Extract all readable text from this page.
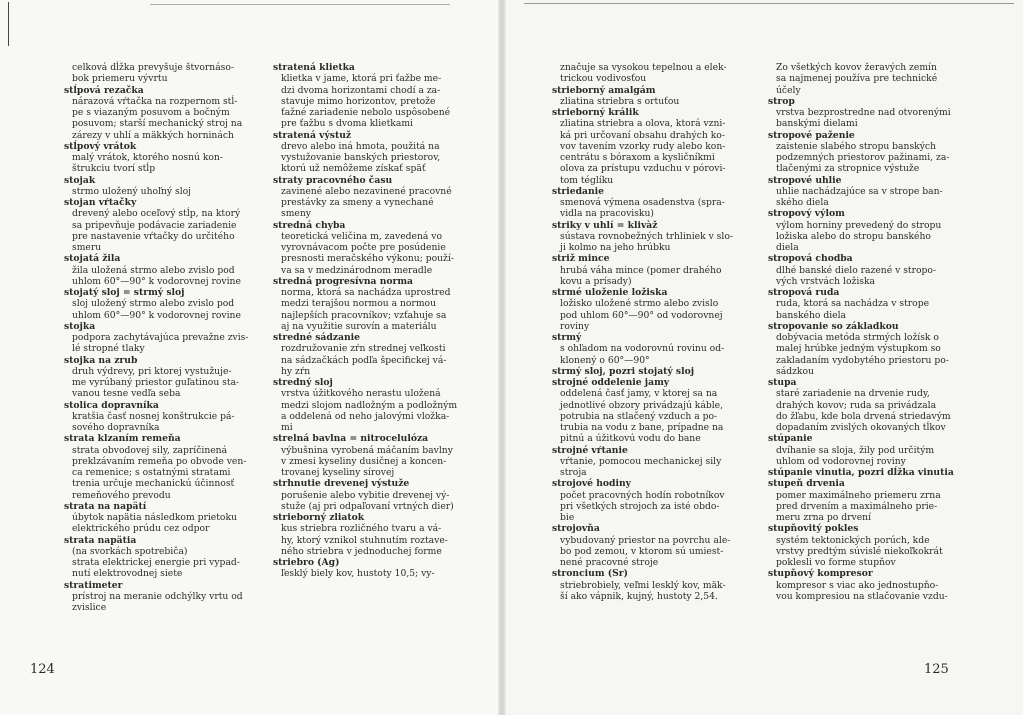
celková dĺžka prevyšuje štvornáso-

bok priemeru vývrtu

stĺpová rezačka

nárazová vŕtačka na rozpernom stĺ-

pe s viazaným posuvom a bočným

posuvom; starší mechanický stroj na

zárezy v uhlí a mäkkých horninách

stĺpový vrátok

malý vrátok, ktorého nosnú kon-

štrukciu tvorí stĺp

stojak

strmo uložený uhoľný sloj

stojan vŕtačky

drevený alebo oceľový stĺp, na ktorý

sa pripevňuje podávacie zariadenie

pre nastavenie vŕtačky do určitého

smeru

stojatá žila

žila uložená strmo alebo zvislo pod

uhlom 60°—90° k vodorovnej rovine

stojatý sloj = strmý sloj

sloj uložený strmo alebo zvislo pod

uhlom 60°—90° k vodorovnej rovine

stojka

podpora zachytávajúca prevažne zvis-

lé stropné tlaky

stojka na zrub

druh výdrevy, pri ktorej vystužuje-

me vyrúbaný priestor guľatinou sta-

vanou tesne vedľa seba

stolica dopravníka

kratšia časť nosnej konštrukcie pá-

sového dopravníka

strata klzaním remeňa

strata obvodovej sily, zapríčinená

preklzávaním remeňa po obvode ven-

ca remenice; s ostatnými stratami

trenia určuje mechanickú účinnosť

remeňového prevodu

strata na napätí

úbytok napätia následkom prietoku

elektrického prúdu cez odpor

strata napätia

(na svorkách spotrebiča)

strata elektrickej energie pri vypad-

nutí elektrovodnej siete

stratimeter

prístroj na meranie odchýlky vrtu od

zvislice

stratená klietka

klietka v jame, ktorá pri ťažbe me-

dzi dvoma horizontami chodí a za-

stavuje mimo horizontov, pretože

ťažné zariadenie nebolo uspôsobené

pre ťažbu s dvoma klietkami

stratená výstuž

drevo alebo iná hmota, použitá na

vystužovanie banských priestorov,

ktorú už nemôžeme získať späť

straty pracovného času

zavinené alebo nezavinené pracovné

prestávky za smeny a vynechané

smeny

stredná chyba

teoretická veličina m, zavedená vo

vyrovnávacom počte pre posúdenie

presnosti meračského výkonu; použí-

va sa v medzinárodnom meradle

stredná progresívna norma

norma, ktorá sa nachádza uprostred

medzi terajšou normou a normou

najlepších pracovníkov; vzťahuje sa

aj na využitie surovín a materiálu

stredné sádzanie

rozdružovanie zŕn strednej veľkosti

na sádzačkách podľa špecifickej vá-

hy zŕn

stredný sloj

vrstva úžitkového nerastu uložená

medzi slojom nadložným a podložným

a oddelená od neho jalovými vložka-

mi

strelná bavlna = nitrocelulóza

výbušnina vyrobená máčaním bavlny

v zmesi kyseliny dusičnej a koncen-

trovanej kyseliny sírovej

strhnutie drevenej výstuže

porušenie alebo vybitie drevenej vý-

stuže (aj pri odpaľovaní vrtných dier)

strieborný zliatok

kus striebra rozličného tvaru a vá-

hy, ktorý vznikol stuhnutím roztave-

ného striebra v jednoduchej forme

striebro (Ag)

ľesklý biely kov, hustoty 10,5; vy-

124

značuje sa vysokou tepelnou a elek-

trickou vodivosťou

strieborný amalgám

zliatina striebra s ortuťou

strieborný králik

zliatina striebra a olova, ktorá vzni-

ká pri určovaní obsahu drahých ko-

vov tavením vzorky rudy alebo kon-

centrátu s bóraxom a kysličníkmi

olova za prístupu vzduchu v pórovi-

tom téglíku

striedanie

smenová výmena osadenstva (spra-

vidla na pracovisku)

striky v uhlí = klivàž

sústava rovnobežných trhliniek v slo-

ji kolmo na jeho hrúbku

striž mince

hrubá váha mince (pomer drahého

kovu a prísady)

strmé uloženie ložiska

ložisko uložené strmo alebo zvislo

pod uhlom 60°—90° od vodorovnej

roviny

strmý

s ohľadom na vodorovnú rovinu od-

klonený o 60°—90°

strmý sloj, pozri stojatý sloj

strojné oddelenie jamy

oddelená časť jamy, v ktorej sa na

jednotlivé obzory privádzajú káble,

potrubia na stlačený vzduch a po-

trubia na vodu z bane, prípadne na

pitnú a úžitkovú vodu do bane

strojné vŕtanie

vŕtanie, pomocou mechanickej sily

stroja

strojové hodiny

počet pracovných hodín robotníkov

pri všetkých strojoch za isté obdo-

bie

strojovňa

vybudovaný priestor na povrchu ale-

bo pod zemou, v ktorom sú umiest-

nené pracovné stroje

stroncium (Sr)

striebrobiely, veľmi lesklý kov, mäk-

ší ako vápnik, kujný, hustoty 2,54.

Zo všetkých kovov žeravých zemín

sa najmenej používa pre technické

účely

strop

vrstva bezprostredne nad otvorenými

banskými dielami

stropové paženie

zaistenie slabého stropu banských

podzemných priestorov pažinami, za-

tlačenými za stropnice výstuže

stropové uhlie

uhlie nachádzajúce sa v strope ban-

ského diela

stropový výlom

výlom horniny prevedený do stropu

ložiska alebo do stropu banského

diela

stropová chodba

dlhé banské dielo razené v stropo-

vých vrstvách ložiska

stropová ruda

ruda, ktorá sa nachádza v strope

banského diela

stropovanie so základkou

dobývacia metóda strmých ložísk o

malej hrúbke jedným výstupkom so

zakladaním vydobytého priestoru po-

sádzkou

stupa

staré zariadenie na drvenie rudy,

drahých kovov; ruda sa privádzala

do žľabu, kde bola drvená striedavým

dopadaním zvislých okovaných tĺkov

stúpanie

dvíhanie sa sloja, žily pod určitým

uhlom od vodorovnej roviny

stúpanie vinutia, pozri dĺžka vinutia

stupeň drvenia

pomer maximálneho priemeru zrna

pred drvením a maximálneho prie-

meru zrna po drvení

stupňovitý pokles

systém tektonických porúch, kde

vrstvy predtým súvislé niekoľkokrát

poklesli vo forme stupňov

stupňový kompresor

kompresor s viac ako jednostupňo-

vou kompresiou na stlačovanie vzdu-

125
